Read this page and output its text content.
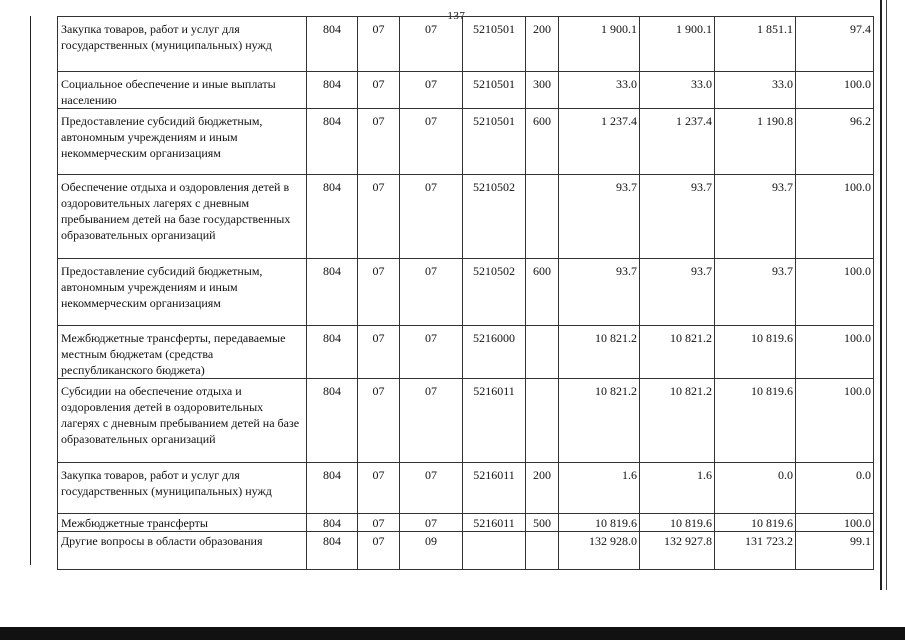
- 137 -
Закупка товаров, работ и услуг для государственных (муниципальных) нужд	804	07	07	5210501	200	1 900.1	1 900.1	1 851.1	97.4
Социальное обеспечение и иные выплаты населению	804	07	07	5210501	300	33.0	33.0	33.0	100.0
Предоставление субсидий бюджетным, автономным учреждениям и иным некоммерческим организациям	804	07	07	5210501	600	1 237.4	1 237.4	1 190.8	96.2
Обеспечение отдыха и оздоровления детей в оздоровительных лагерях с дневным пребыванием детей на базе государственных образовательных организаций	804	07	07	5210502		93.7	93.7	93.7	100.0
Предоставление субсидий бюджетным, автономным учреждениям и иным некоммерческим организациям	804	07	07	5210502	600	93.7	93.7	93.7	100.0
Межбюджетные трансферты, передаваемые местным бюджетам (средства республиканского бюджета)	804	07	07	5216000		10 821.2	10 821.2	10 819.6	100.0
Субсидии на обеспечение отдыха и оздоровления детей в оздоровительных лагерях с дневным пребыванием детей на базе образовательных организаций	804	07	07	5216011		10 821.2	10 821.2	10 819.6	100.0
Закупка товаров, работ и услуг для государственных (муниципальных) нужд	804	07	07	5216011	200	1.6	1.6	0.0	0.0
Межбюджетные трансферты	804	07	07	5216011	500	10 819.6	10 819.6	10 819.6	100.0
Другие вопросы в области образования	804	07	09			132 928.0	132 927.8	131 723.2	99.1
